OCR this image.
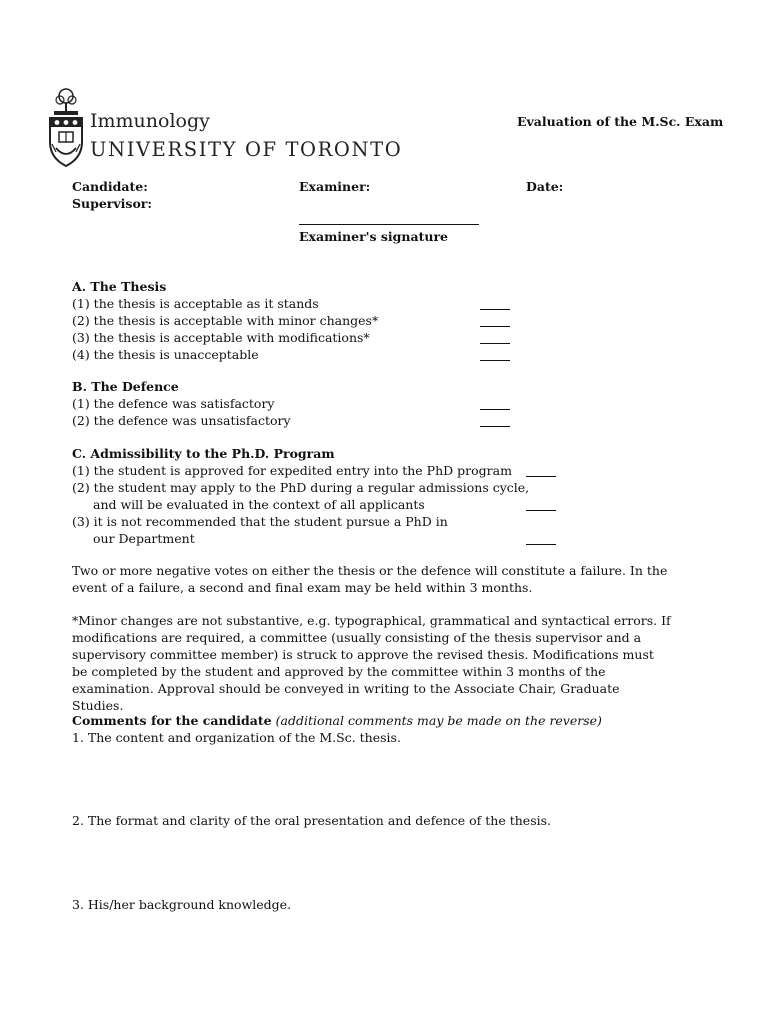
Immunology
UNIVERSITY OF TORONTO
Evaluation of the M.Sc. Exam
Candidate:
Supervisor:
Examiner:	Date:
Examiner's signature
A. The Thesis
(1) the thesis is acceptable as it stands
(2) the thesis is acceptable with minor changes*
(3) the thesis is acceptable with modifications*
(4) the thesis is unacceptable
B. The Defence
(1) the defence was satisfactory
(2) the defence was unsatisfactory
C. Admissibility to the Ph.D. Program
(1) the student is approved for expedited entry into the PhD program
(2) the student may apply to the PhD during a regular admissions cycle,
and will be evaluated in the context of all applicants
(3) it is not recommended that the student pursue a PhD in
our Department
Two or more negative votes on either the thesis or the defence will constitute a failure. In the event of a failure, a second and final exam may be held within 3 months.
*Minor changes are not substantive, e.g. typographical, grammatical and syntactical errors. If modifications are required, a committee (usually consisting of the thesis supervisor and a supervisory committee member) is struck to approve the revised thesis. Modifications must be completed by the student and approved by the committee within 3 months of the examination. Approval should be conveyed in writing to the Associate Chair, Graduate Studies.
Comments for the candidate (additional comments may be made on the reverse)
1. The content and organization of the M.Sc. thesis.
2. The format and clarity of the oral presentation and defence of the thesis.
3. His/her background knowledge.
